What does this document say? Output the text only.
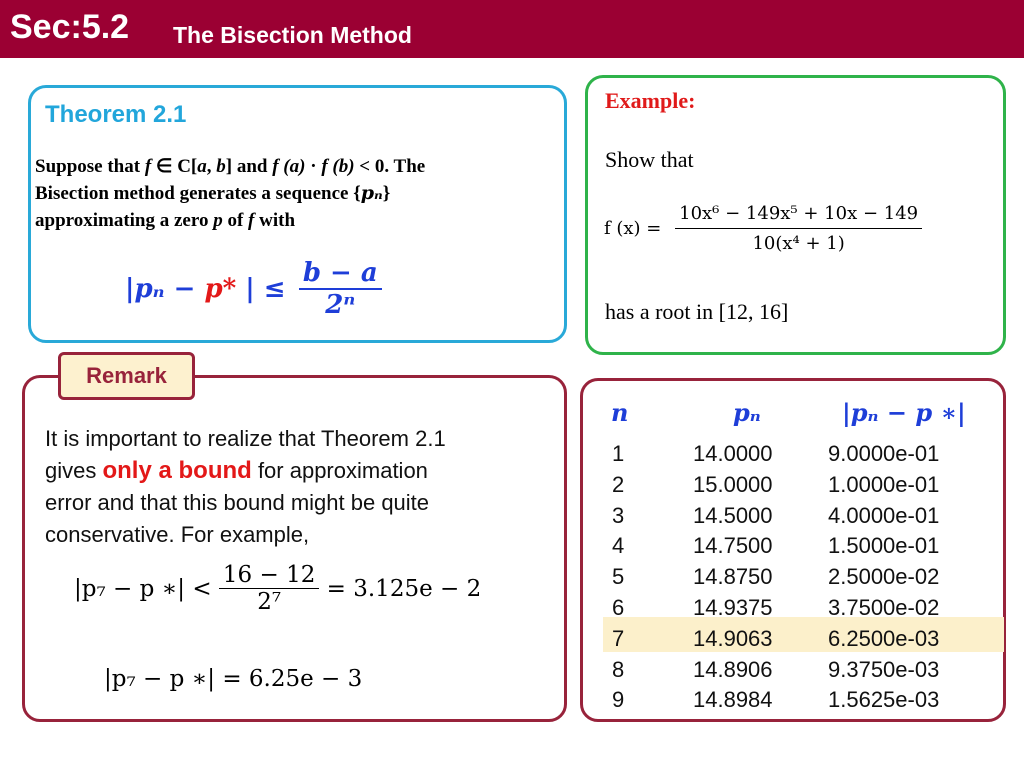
Sec:5.2 The Bisection Method
Theorem 2.1
Suppose that f ∈ C[a, b] and f (a) · f (b) < 0. The
Bisection method generates a sequence {pₙ}
approximating a zero p of f with
|pₙ − p* | ≤ $\frac{b - a}{\text{2ⁿ}}$
Example:
Show that
f $(x) = \frac{\text{10x⁶ − 149x⁵ + 10x − 149}}{\text{10(x⁴ + 1)}}$
has a root in [12, 16]
Remark
It is important to realize that Theorem 2.1
gives only a bound for approximation
error and that this bound might be quite
conservative. For example,
|p₇ − p ∗| < $\frac{16 - 12}{\text{2⁷}} = 3.125e - 2$
|p₇ − p ∗| = 6.25e − 3
n	pₙ	|pₙ − p ∗|
1	14.0000	9.0000e-01
2	15.0000	1.0000e-01
3	14.5000	4.0000e-01
4	14.7500	1.5000e-01
5	14.8750	2.5000e-02
6	14.9375	3.7500e-02
7	14.9063	6.2500e-03
8	14.8906	9.3750e-03
9	14.8984	1.5625e-03
